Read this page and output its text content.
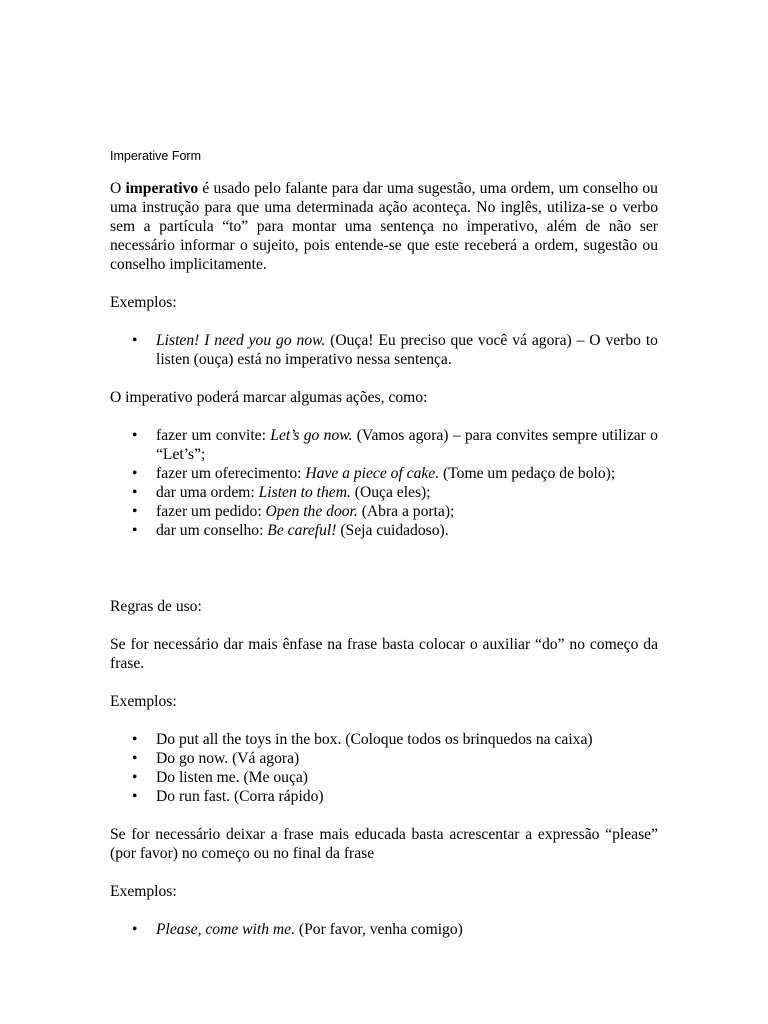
Imperative Form

O imperativo é usado pelo falante para dar uma sugestão, uma ordem, um conselho ou uma instrução para que uma determinada ação aconteça. No inglês, utiliza-se o verbo sem a partícula “to” para montar uma sentença no imperativo, além de não ser necessário informar o sujeito, pois entende-se que este receberá a ordem, sugestão ou conselho implicitamente.

Exemplos:

• Listen! I need you go now. (Ouça! Eu preciso que você vá agora) – O verbo to listen (ouça) está no imperativo nessa sentença.

O imperativo poderá marcar algumas ações, como:

• fazer um convite: Let’s go now. (Vamos agora) – para convites sempre utilizar o “Let’s”;
• fazer um oferecimento: Have a piece of cake. (Tome um pedaço de bolo);
• dar uma ordem: Listen to them. (Ouça eles);
• fazer um pedido: Open the door. (Abra a porta);
• dar um conselho: Be careful! (Seja cuidadoso).

Regras de uso:

Se for necessário dar mais ênfase na frase basta colocar o auxiliar “do” no começo da frase.

Exemplos:

• Do put all the toys in the box. (Coloque todos os brinquedos na caixa)
• Do go now. (Vá agora)
• Do listen me. (Me ouça)
• Do run fast. (Corra rápido)

Se for necessário deixar a frase mais educada basta acrescentar a expressão “please” (por favor) no começo ou no final da frase

Exemplos:

• Please, come with me. (Por favor, venha comigo)
